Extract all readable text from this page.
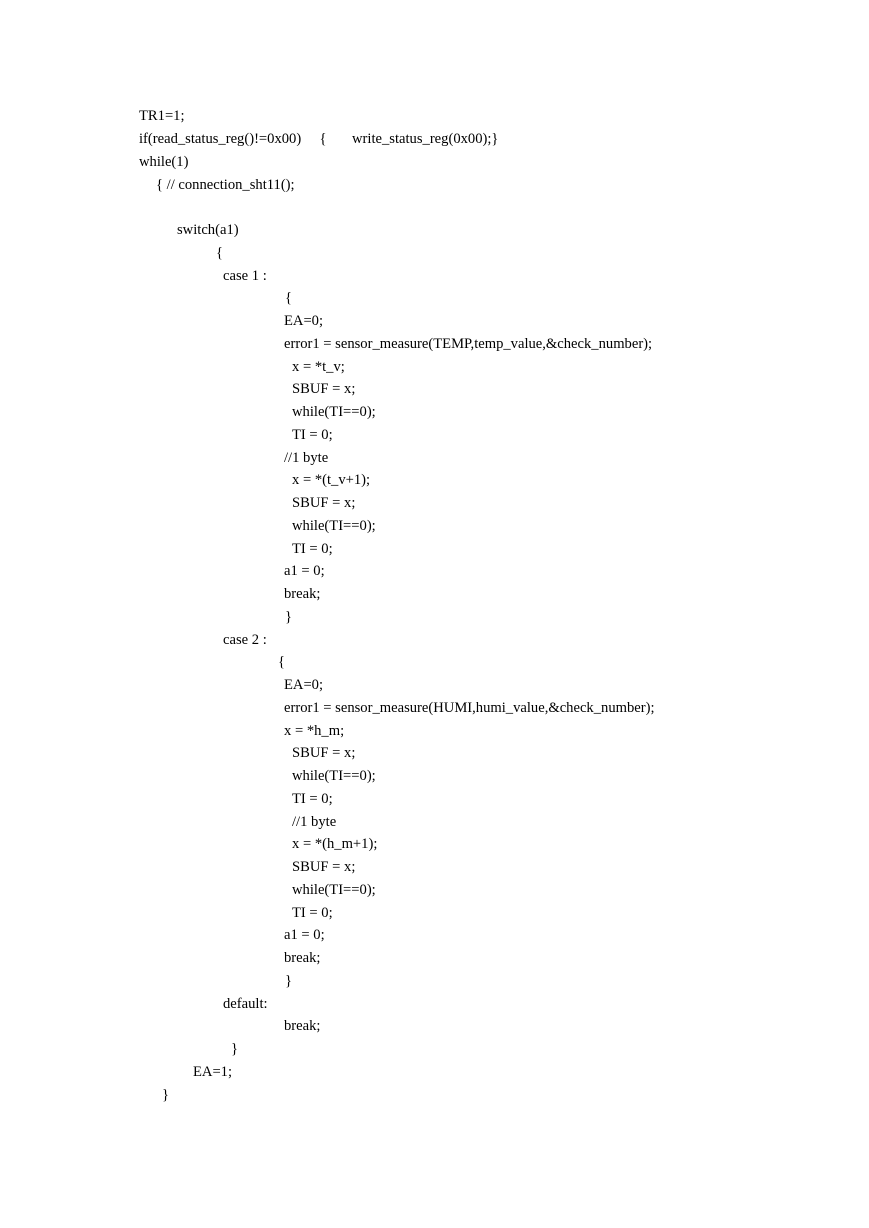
TR1=1;
if(read_status_reg()!=0x00)     {       write_status_reg(0x00);}
while(1)
{ // connection_sht11();
switch(a1)
{
case 1 :
{
EA=0;
error1 = sensor_measure(TEMP,temp_value,&check_number);
x = *t_v;
SBUF = x;
while(TI==0);
TI = 0;
//1 byte
x = *(t_v+1);
SBUF = x;
while(TI==0);
TI = 0;
a1 = 0;
break;
}
case 2 :
{
EA=0;
error1 = sensor_measure(HUMI,humi_value,&check_number);
x = *h_m;
SBUF = x;
while(TI==0);
TI = 0;
//1 byte
x = *(h_m+1);
SBUF = x;
while(TI==0);
TI = 0;
a1 = 0;
break;
}
default:
break;
}
EA=1;
}
